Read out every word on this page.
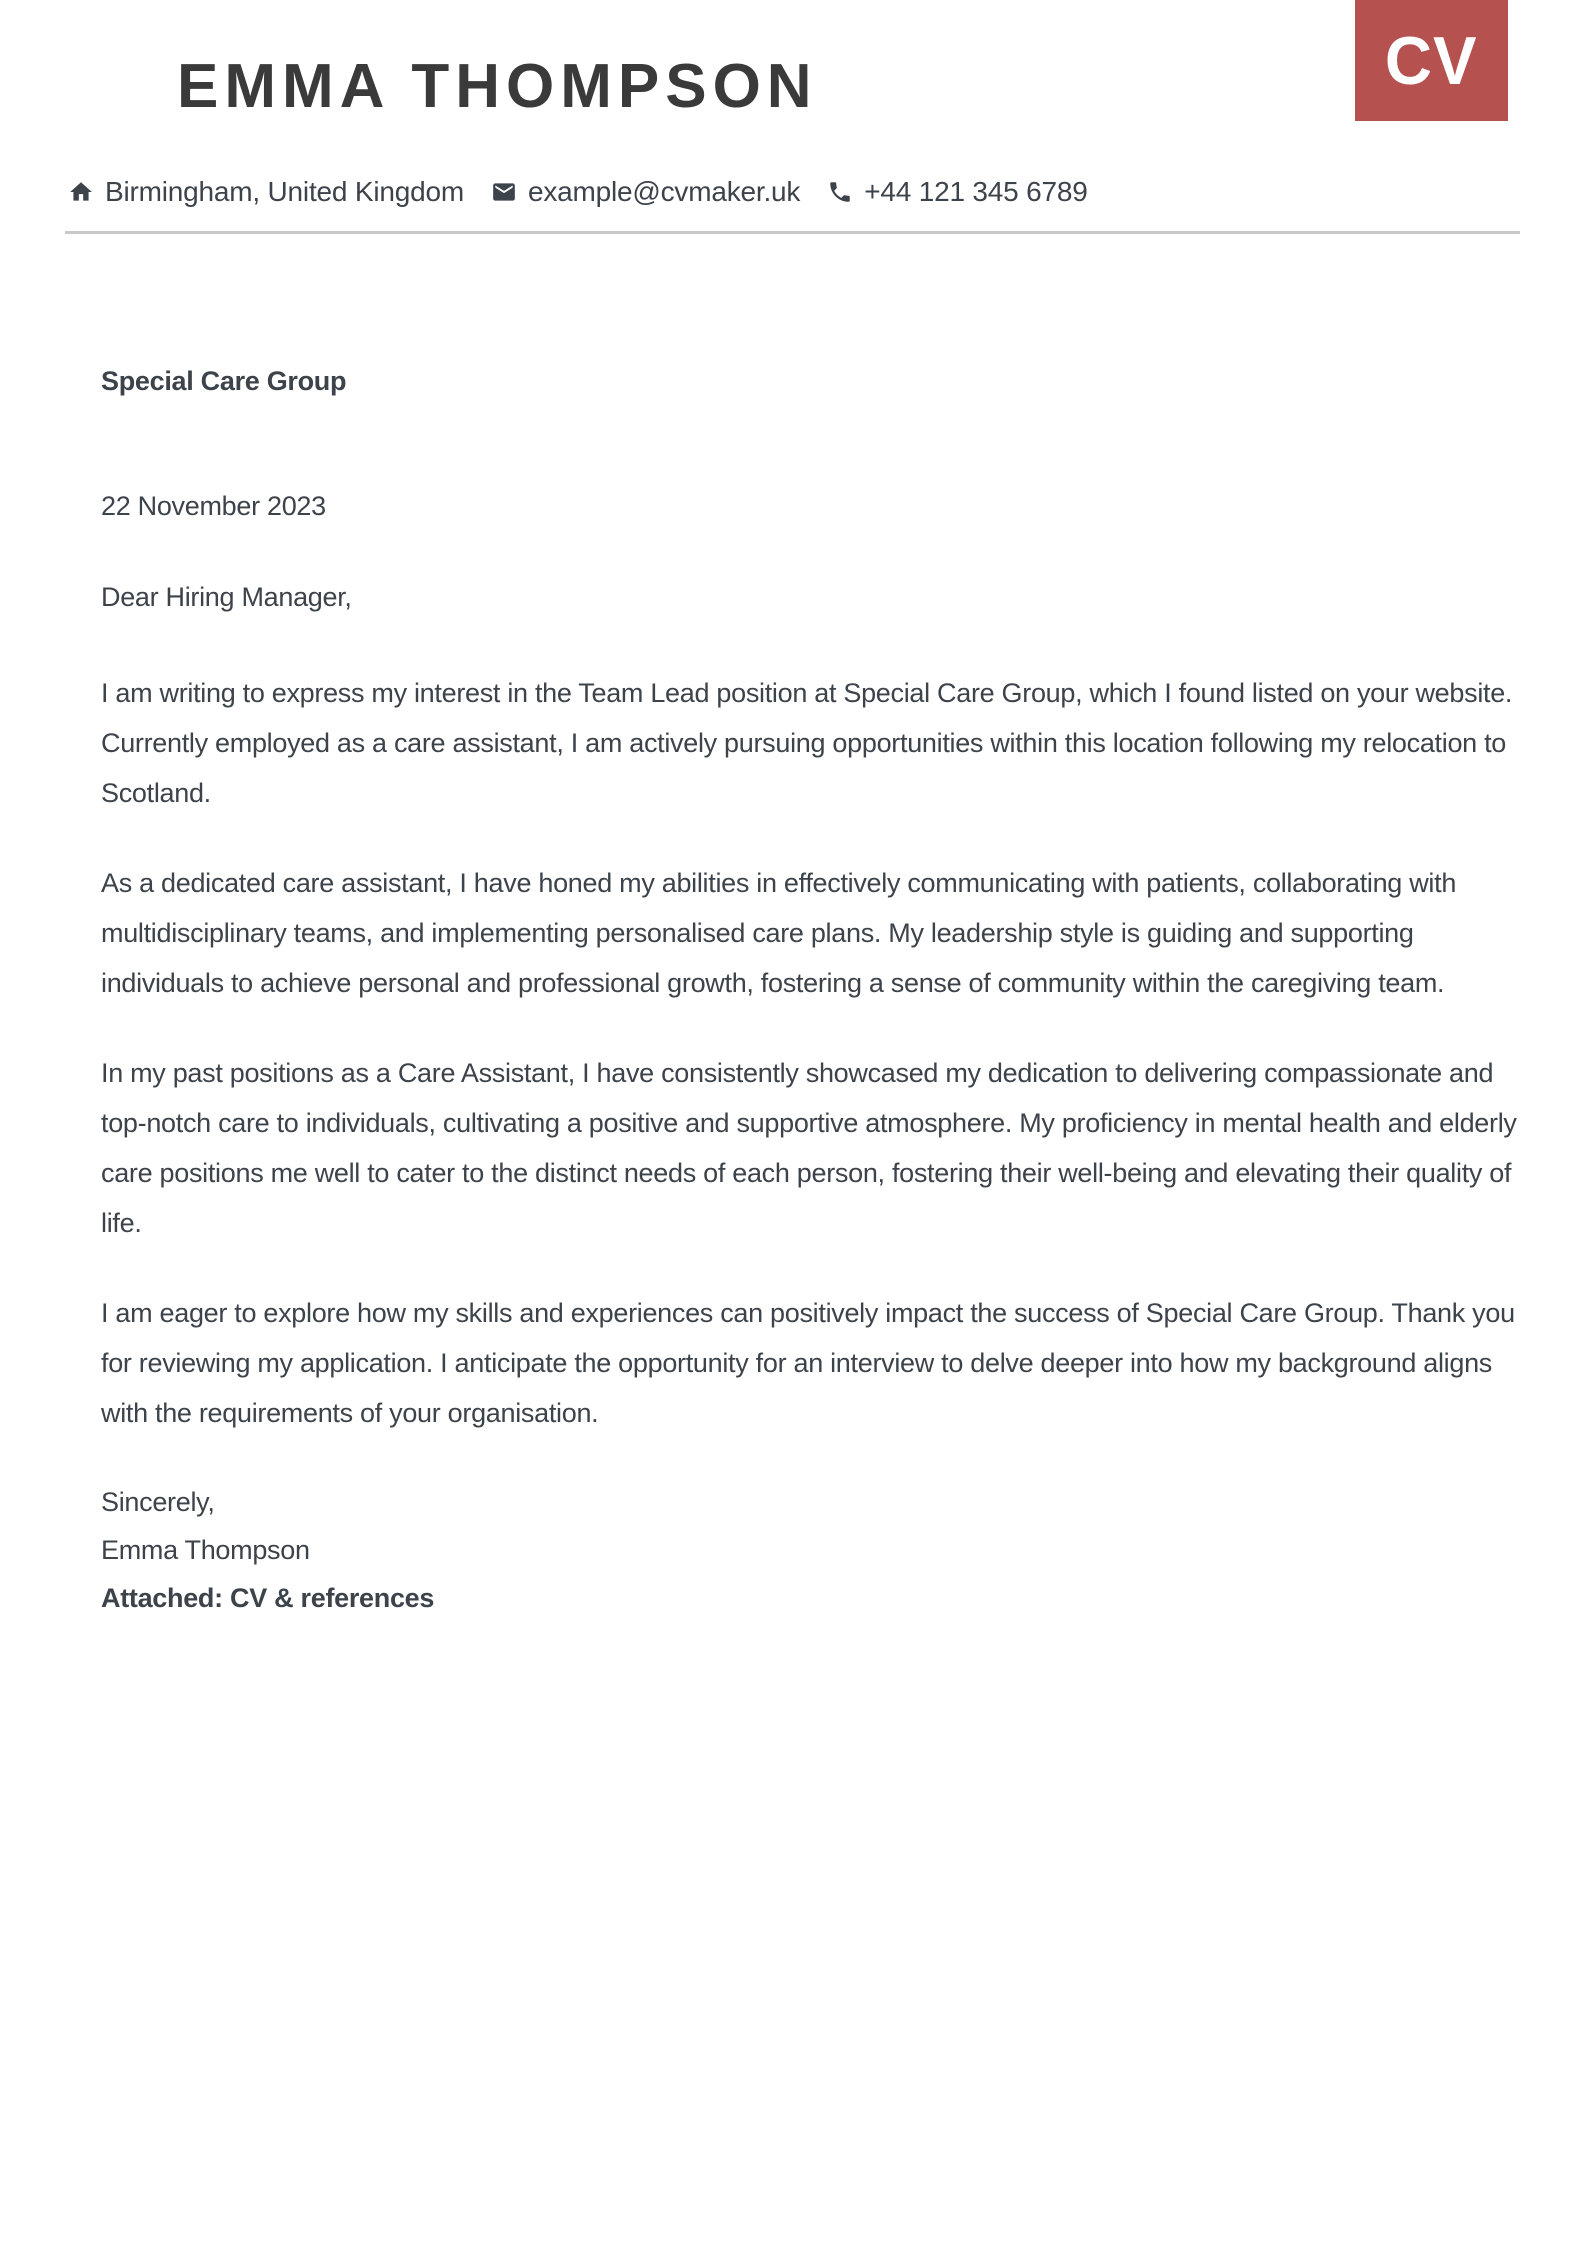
CV
EMMA THOMPSON
Birmingham, United Kingdom example@cvmaker.uk +44 121 345 6789
Special Care Group
22 November 2023
Dear Hiring Manager,

I am writing to express my interest in the Team Lead position at Special Care Group, which I found listed on your website. Currently employed as a care assistant, I am actively pursuing opportunities within this location following my relocation to Scotland.

As a dedicated care assistant, I have honed my abilities in effectively communicating with patients, collaborating with multidisciplinary teams, and implementing personalised care plans. My leadership style is guiding and supporting individuals to achieve personal and professional growth, fostering a sense of community within the caregiving team.

In my past positions as a Care Assistant, I have consistently showcased my dedication to delivering compassionate and top-notch care to individuals, cultivating a positive and supportive atmosphere. My proficiency in mental health and elderly care positions me well to cater to the distinct needs of each person, fostering their well-being and elevating their quality of life.

I am eager to explore how my skills and experiences can positively impact the success of Special Care Group. Thank you for reviewing my application. I anticipate the opportunity for an interview to delve deeper into how my background aligns with the requirements of your organisation.

Sincerely,
Emma Thompson
Attached: CV & references
